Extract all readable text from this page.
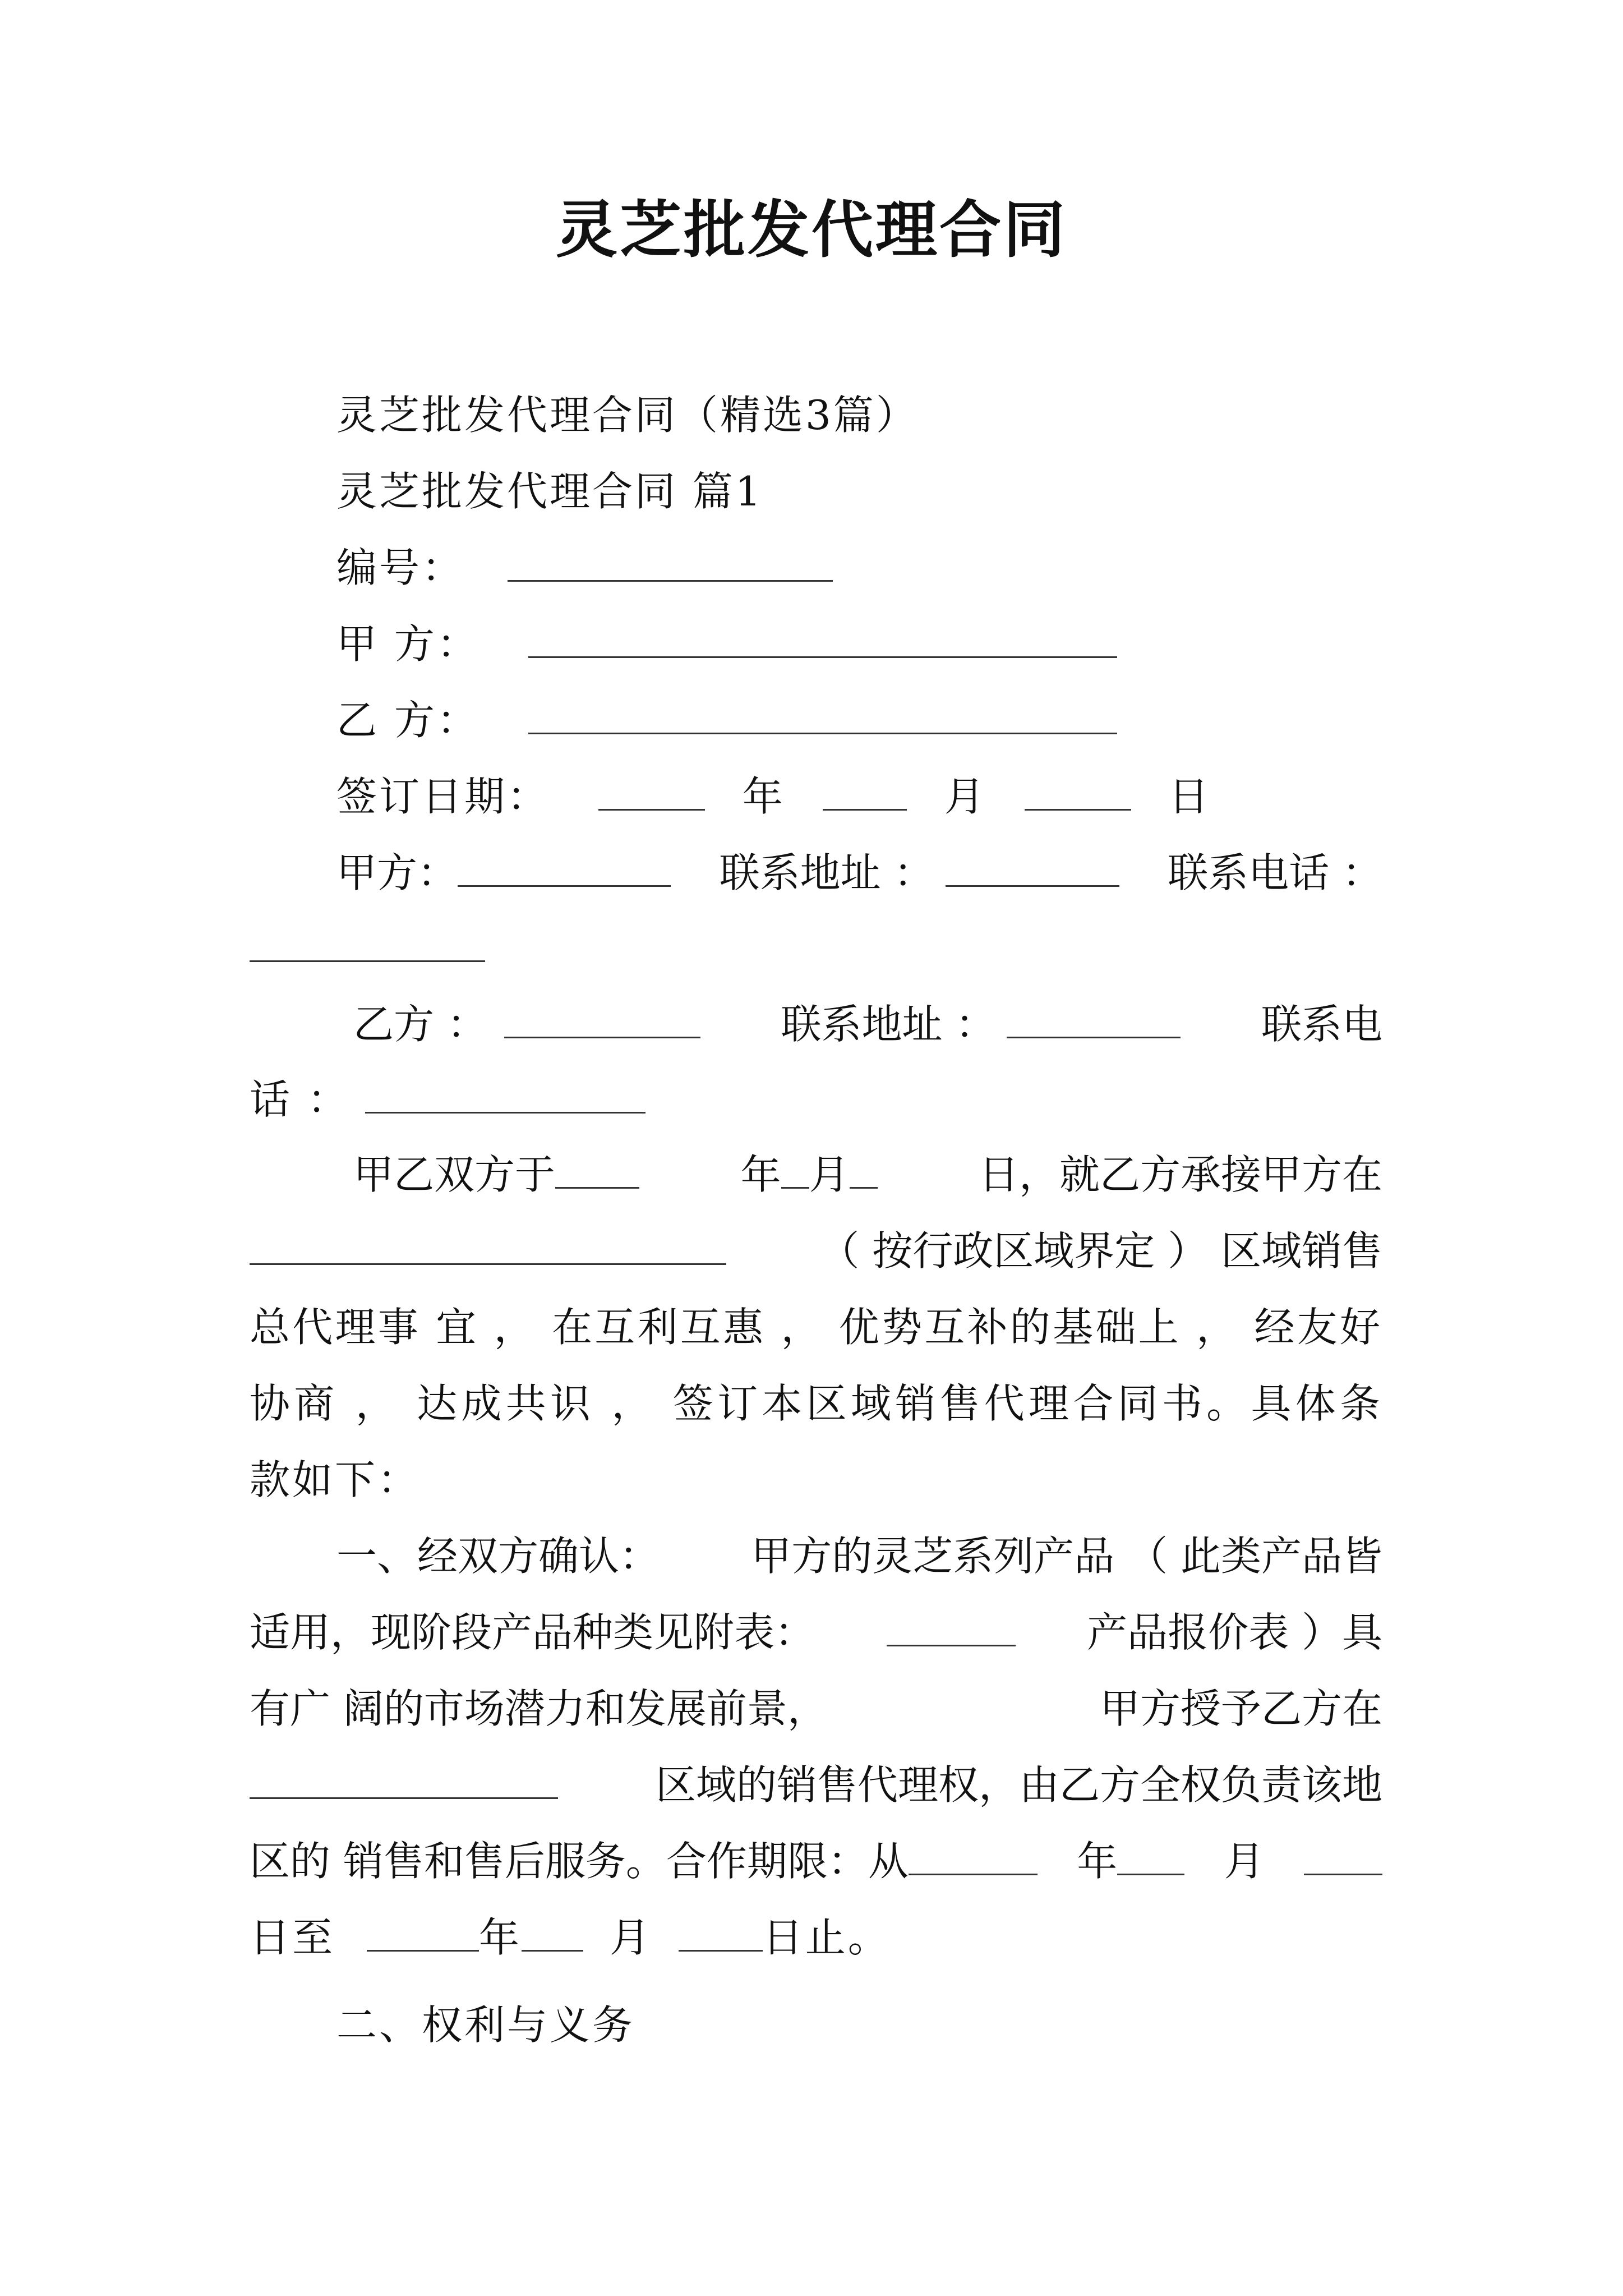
灵芝批发代理合同
灵芝批发代理合同（精选3篇）
灵芝批发代理合同 篇1
编号：
甲 方：
乙 方：
签订日期：	年	月	日
甲方：	联系地址 ：	联系电话 ：
乙方 ：	联系地址 ：	联系电
话 ：
甲乙双方于	年 月	日，就乙方承接甲方在
（ 按行政区域界定 ） 区域销售
总代理事 宜 ， 在互利互惠 ， 优势互补的基础上 ， 经友好
协商 ， 达成共识 ， 签订本区域销售代理合同书。具体条
款如下：
一、经双方确认： 甲方的灵芝系列产品 （ 此类产品皆
适用，现阶段产品种类见附表：	产品报价表 ）具
有广 阔的市场潜力和发展前景，	甲方授予乙方在
区域的销售代理权，由乙方全权负责该地
区的 销售和售后服务。合作期限：从	年	月
日至	年 月	日止。
二、权利与义务
